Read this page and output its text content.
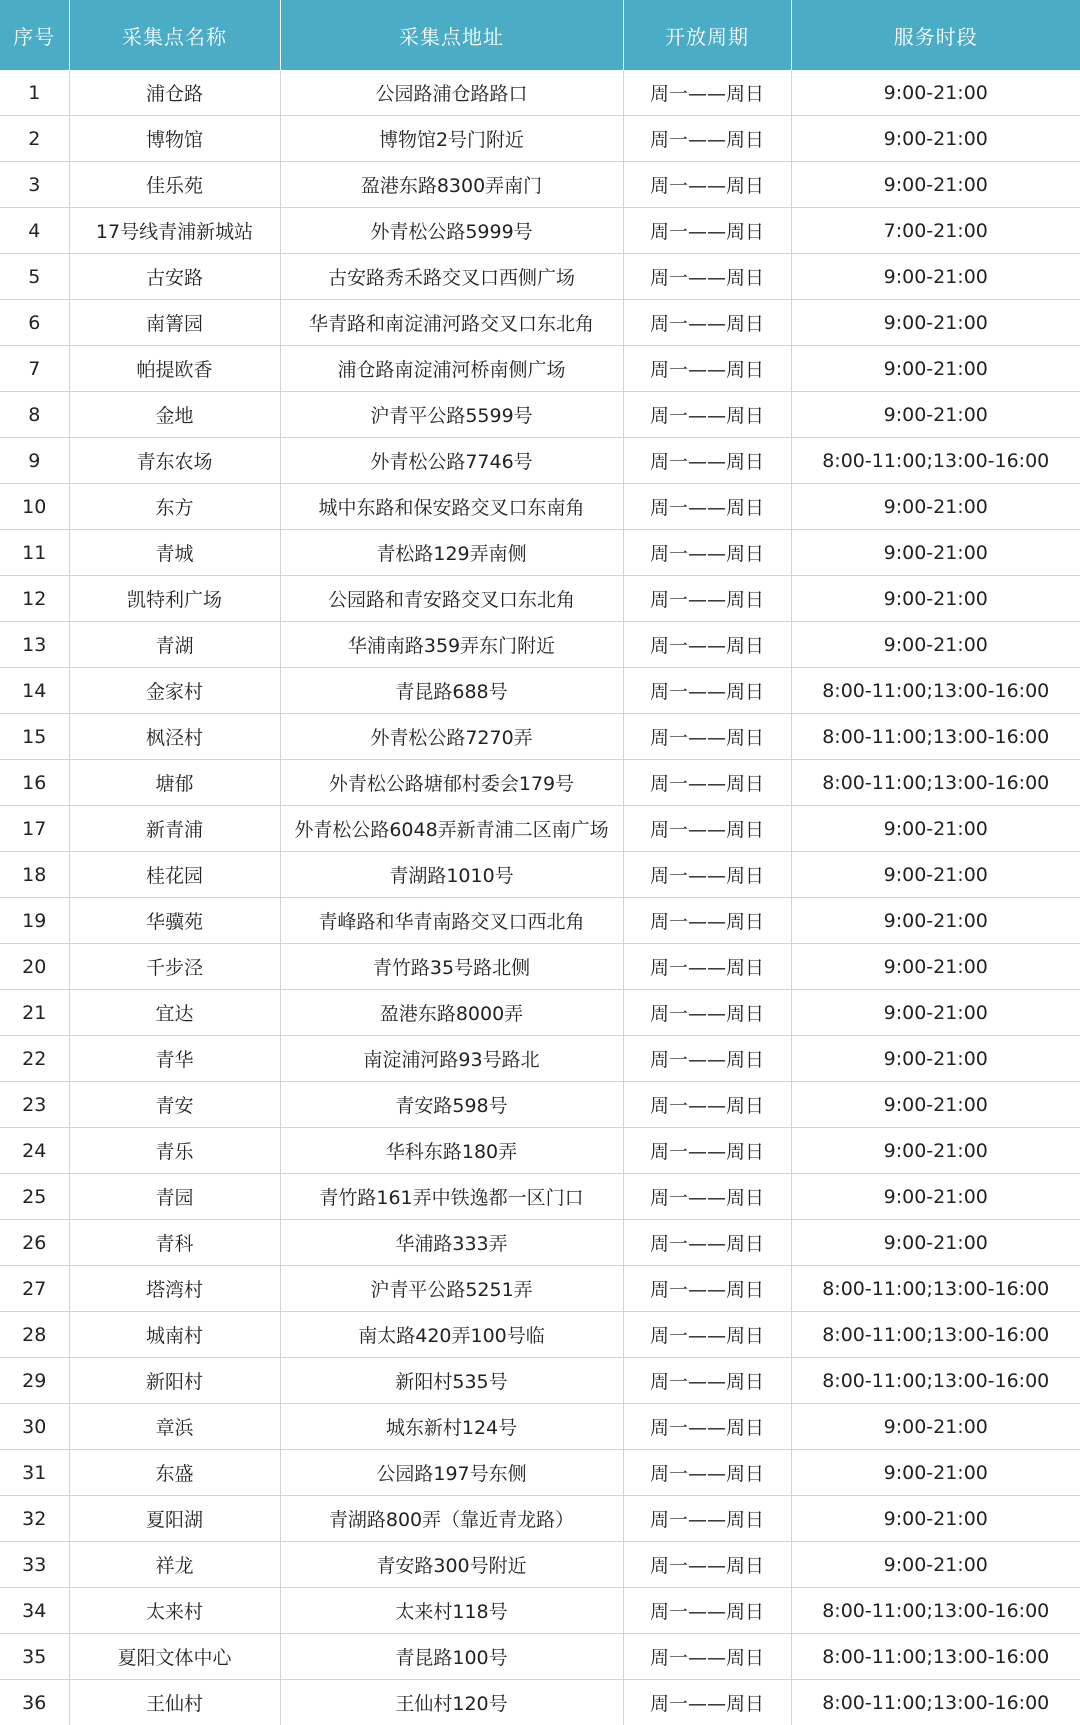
序号	采集点名称	采集点地址	开放周期	服务时段
1	浦仓路	公园路浦仓路路口	周一——周日	9:00-21:00
2	博物馆	博物馆2号门附近	周一——周日	9:00-21:00
3	佳乐苑	盈港东路8300弄南门	周一——周日	9:00-21:00
4	17号线青浦新城站	外青松公路5999号	周一——周日	7:00-21:00
5	古安路	古安路秀禾路交叉口西侧广场	周一——周日	9:00-21:00
6	南箐园	华青路和南淀浦河路交叉口东北角	周一——周日	9:00-21:00
7	帕提欧香	浦仓路南淀浦河桥南侧广场	周一——周日	9:00-21:00
8	金地	沪青平公路5599号	周一——周日	9:00-21:00
9	青东农场	外青松公路7746号	周一——周日	8:00-11:00;13:00-16:00
10	东方	城中东路和保安路交叉口东南角	周一——周日	9:00-21:00
11	青城	青松路129弄南侧	周一——周日	9:00-21:00
12	凯特利广场	公园路和青安路交叉口东北角	周一——周日	9:00-21:00
13	青湖	华浦南路359弄东门附近	周一——周日	9:00-21:00
14	金家村	青昆路688号	周一——周日	8:00-11:00;13:00-16:00
15	枫泾村	外青松公路7270弄	周一——周日	8:00-11:00;13:00-16:00
16	塘郁	外青松公路塘郁村委会179号	周一——周日	8:00-11:00;13:00-16:00
17	新青浦	外青松公路6048弄新青浦二区南广场	周一——周日	9:00-21:00
18	桂花园	青湖路1010号	周一——周日	9:00-21:00
19	华骥苑	青峰路和华青南路交叉口西北角	周一——周日	9:00-21:00
20	千步泾	青竹路35号路北侧	周一——周日	9:00-21:00
21	宜达	盈港东路8000弄	周一——周日	9:00-21:00
22	青华	南淀浦河路93号路北	周一——周日	9:00-21:00
23	青安	青安路598号	周一——周日	9:00-21:00
24	青乐	华科东路180弄	周一——周日	9:00-21:00
25	青园	青竹路161弄中铁逸都一区门口	周一——周日	9:00-21:00
26	青科	华浦路333弄	周一——周日	9:00-21:00
27	塔湾村	沪青平公路5251弄	周一——周日	8:00-11:00;13:00-16:00
28	城南村	南太路420弄100号临	周一——周日	8:00-11:00;13:00-16:00
29	新阳村	新阳村535号	周一——周日	8:00-11:00;13:00-16:00
30	章浜	城东新村124号	周一——周日	9:00-21:00
31	东盛	公园路197号东侧	周一——周日	9:00-21:00
32	夏阳湖	青湖路800弄（靠近青龙路）	周一——周日	9:00-21:00
33	祥龙	青安路300号附近	周一——周日	9:00-21:00
34	太来村	太来村118号	周一——周日	8:00-11:00;13:00-16:00
35	夏阳文体中心	青昆路100号	周一——周日	8:00-11:00;13:00-16:00
36	王仙村	王仙村120号	周一——周日	8:00-11:00;13:00-16:00
